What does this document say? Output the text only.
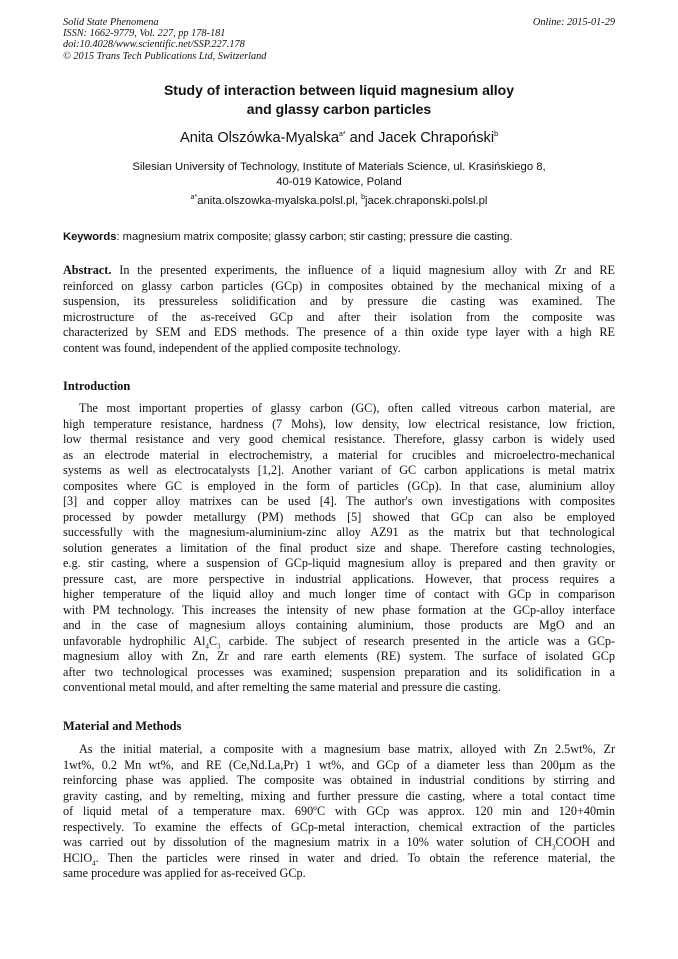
Solid State Phenomena
ISSN: 1662-9779, Vol. 227, pp 178-181
doi:10.4028/www.scientific.net/SSP.227.178
© 2015 Trans Tech Publications Ltd, Switzerland
Online: 2015-01-29
Study of interaction between liquid magnesium alloy
and glassy carbon particles
Anita Olszówka-Myalska$^{a*}$ and Jacek Chrapoński$^b$
Silesian University of Technology, Institute of Materials Science, ul. Krasińskiego 8,
40-019 Katowice, Poland
$^{a*}$anita.olszowka-myalska.polsl.pl, $^b$jacek.chraponski.polsl.pl
Keywords: magnesium matrix composite; glassy carbon; stir casting; pressure die casting.
Abstract. In the presented experiments, the influence of a liquid magnesium alloy with Zr and RE
reinforced on glassy carbon particles (GCp) in composites obtained by the mechanical mixing of a
suspension, its pressureless solidification and by pressure die casting was examined. The
microstructure of the as-received GCp and after their isolation from the composite was
characterized by SEM and EDS methods. The presence of a thin oxide type layer with a high RE
content was found, independent of the applied composite technology.
Introduction
The most important properties of glassy carbon (GC), often called vitreous carbon material, are
high temperature resistance, hardness (7 Mohs), low density, low electrical resistance, low friction,
low thermal resistance and very good chemical resistance. Therefore, glassy carbon is widely used
as an electrode material in electrochemistry, a material for crucibles and microelectro-mechanical
systems as well as electrocatalysts [1,2]. Another variant of GC carbon applications is metal matrix
composites where GC is employed in the form of particles (GCp). In that case, aluminium alloy
[3] and copper alloy matrixes can be used [4]. The author's own investigations with composites
processed by powder metallurgy (PM) methods [5] showed that GCp can also be employed
successfully with the magnesium-aluminium-zinc alloy AZ91 as the matrix but that technological
solution generates a limitation of the final product size and shape. Therefore casting technologies,
e.g. stir casting, where a suspension of GCp-liquid magnesium alloy is prepared and then gravity or
pressure cast, are more perspective in industrial applications. However, that process requires a
higher temperature of the liquid alloy and much longer time of contact with GCp in comparison
with PM technology. This increases the intensity of new phase formation at the GCp-alloy interface
and in the case of magnesium alloys containing aluminium, those products are MgO and an
unfavorable hydrophilic $Al_4C_3$ carbide. The subject of research presented in the article was a GCp-
magnesium alloy with Zn, Zr and rare earth elements (RE) system. The surface of isolated GCp
after two technological processes was examined; suspension preparation and its solidification in a
conventional metal mould, and after remelting the same material and pressure die casting.
Material and Methods
As the initial material, a composite with a magnesium base matrix, alloyed with Zn 2.5wt%, Zr
1wt%, 0.2 Mn wt%, and RE (Ce,Nd.La,Pr) 1 wt%, and GCp of a diameter less than 200µm as the
reinforcing phase was applied. The composite was obtained in industrial conditions by stirring and
gravity casting, and by remelting, mixing and further pressure die casting, where a total contact time
of liquid metal of a temperature max. 690ºC with GCp was approx. 120 min and 120+40min
respectively. To examine the effects of GCp-metal interaction, chemical extraction of the particles
was carried out by dissolution of the magnesium matrix in a 10% water solution of $CH_3COOH$ and
HClO$_4$. Then the particles were rinsed in water and dried. To obtain the reference material, the
same procedure was applied for as-received GCp.
